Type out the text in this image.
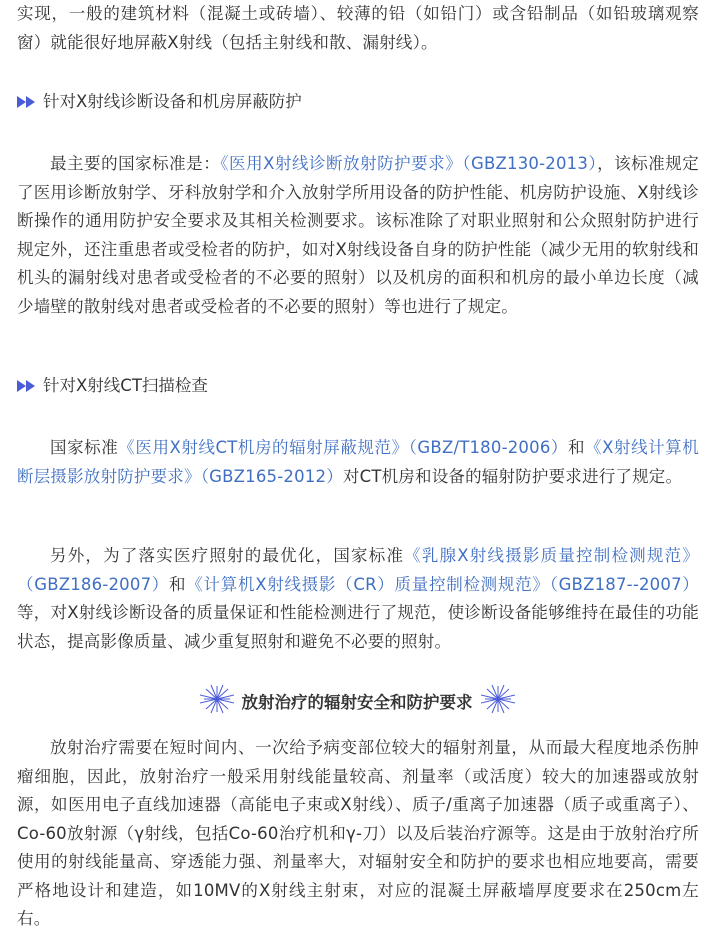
实现，一般的建筑材料（混凝土或砖墙）、较薄的铅（如铅门）或含铅制品（如铅玻璃观察窗）就能很好地屏蔽X射线（包括主射线和散、漏射线）。

针对X射线诊断设备和机房屏蔽防护

最主要的国家标准是：《医用X射线诊断放射防护要求》（GBZ130-2013），该标准规定了医用诊断放射学、牙科放射学和介入放射学所用设备的防护性能、机房防护设施、X射线诊断操作的通用防护安全要求及其相关检测要求。该标准除了对职业照射和公众照射防护进行规定外，还注重患者或受检者的防护，如对X射线设备自身的防护性能（减少无用的软射线和机头的漏射线对患者或受检者的不必要的照射）以及机房的面积和机房的最小单边长度（减少墙壁的散射线对患者或受检者的不必要的照射）等也进行了规定。

针对X射线CT扫描检查

国家标准《医用X射线CT机房的辐射屏蔽规范》（GBZ/T180-2006）和《X射线计算机断层摄影放射防护要求》（GBZ165-2012）对CT机房和设备的辐射防护要求进行了规定。

另外，为了落实医疗照射的最优化，国家标准《乳腺X射线摄影质量控制检测规范》（GBZ186-2007）和《计算机X射线摄影（CR）质量控制检测规范》（GBZ187--2007）等，对X射线诊断设备的质量保证和性能检测进行了规范，使诊断设备能够维持在最佳的功能状态，提高影像质量、减少重复照射和避免不必要的照射。

放射治疗的辐射安全和防护要求

放射治疗需要在短时间内、一次给予病变部位较大的辐射剂量，从而最大程度地杀伤肿瘤细胞，因此，放射治疗一般采用射线能量较高、剂量率（或活度）较大的加速器或放射源，如医用电子直线加速器（高能电子束或X射线）、质子/重离子加速器（质子或重离子）、Co-60放射源（γ射线，包括Co-60治疗机和γ-刀）以及后装治疗源等。这是由于放射治疗所使用的射线能量高、穿透能力强、剂量率大，对辐射安全和防护的要求也相应地要高，需要严格地设计和建造，如10MV的X射线主射束，对应的混凝土屏蔽墙厚度要求在250cm左右。
